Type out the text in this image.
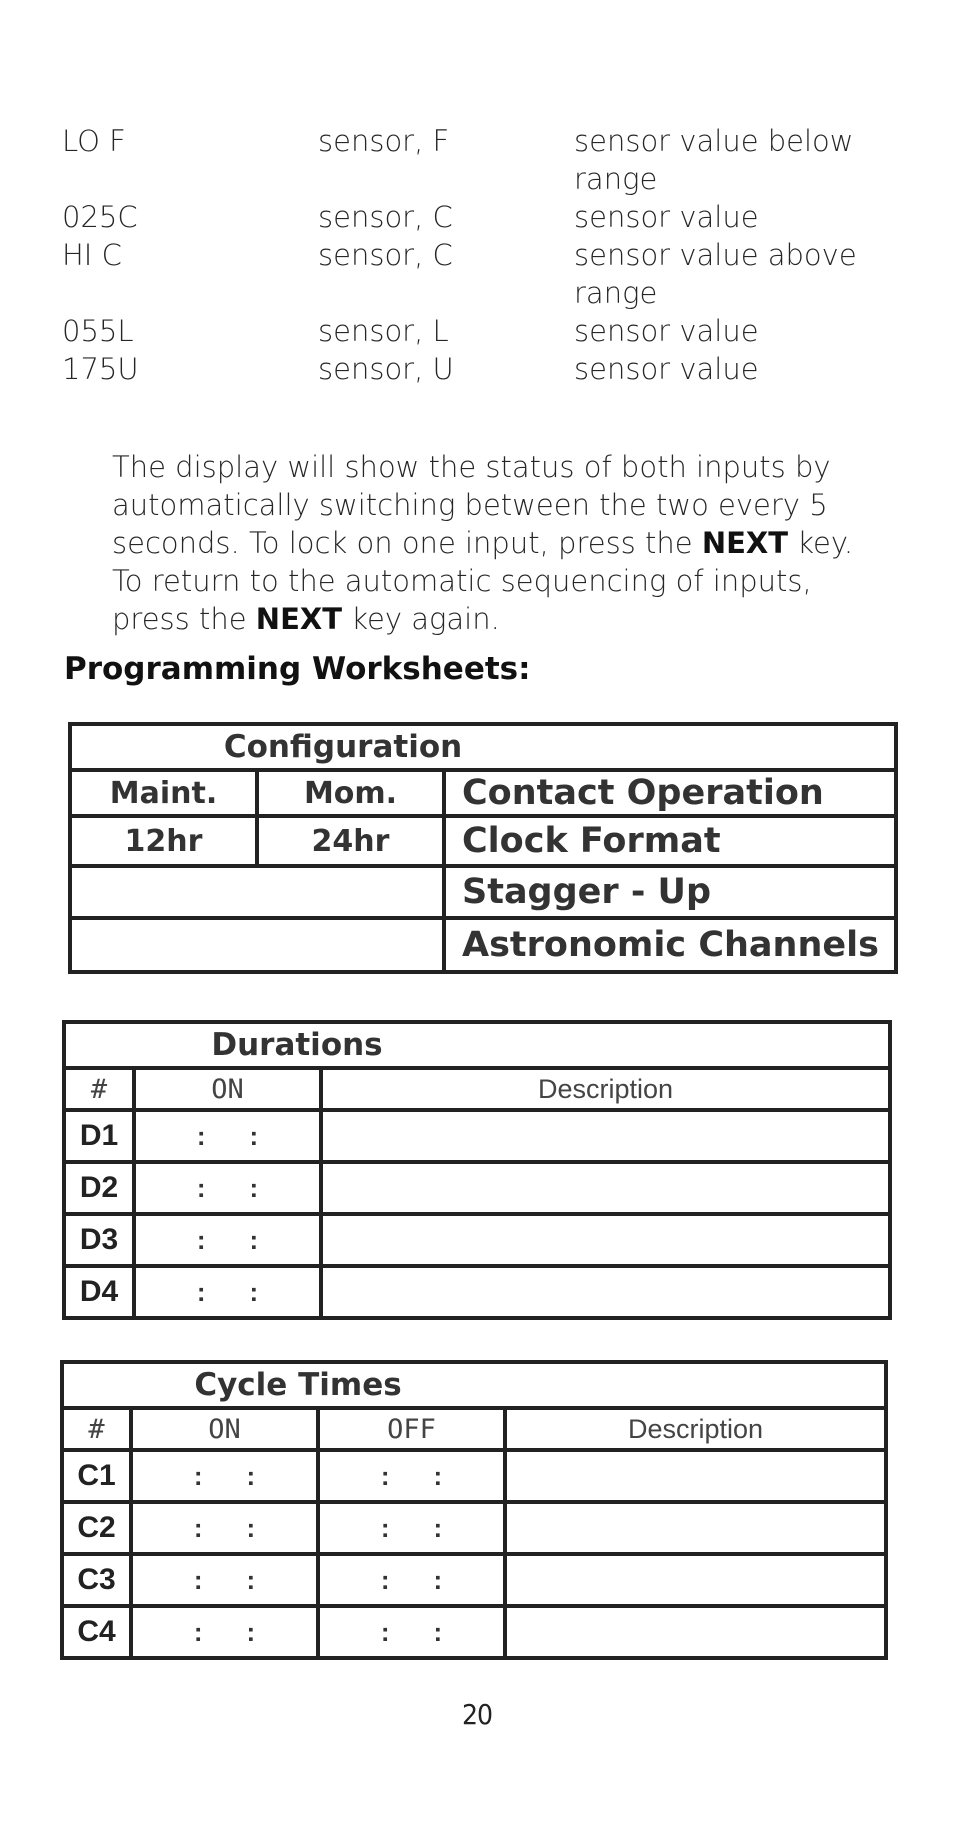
LO F	sensor, F	sensor value below range
025C	sensor, C	sensor value
HI C	sensor, C	sensor value above range
055L	sensor, L	sensor value
175U	sensor, U	sensor value
The display will show the status of both inputs by automatically switching between the two every 5 seconds. To lock on one input, press the NEXT key. To return to the automatic sequencing of inputs, press the NEXT key again.
Programming Worksheets:
Configuration		
Maint.	Mom.	Contact Operation
12hr	24hr	Clock Format
		Stagger - Up
		Astronomic Channels
Durations		
#	ON	Description
D1	: :	

D2	: :	

D3	: :	

D4	: :	

Cycle Times			
#	ON	OFF	Description
C1	: :	: :	

C2	: :	: :	

C3	: :	: :	

C4	: :	: :	

20
